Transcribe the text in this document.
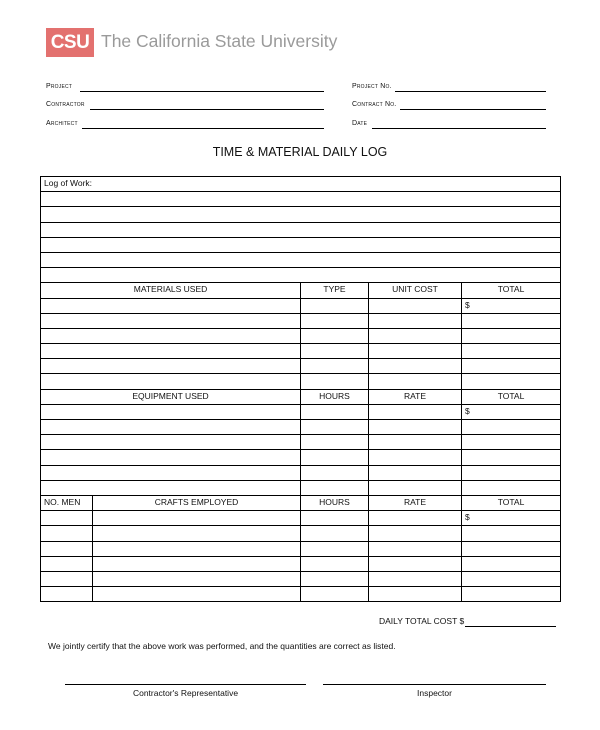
CSU The California State University
Project
Contractor
Architect
Project No.
Contract No.
Date
TIME & MATERIAL DAILY LOG
Log of Work:				

MATERIALS USED		TYPE	UNIT COST	TOTAL
				$

EQUIPMENT USED		HOURS	RATE	TOTAL
				$

NO. MEN	CRAFTS EMPLOYED	HOURS	RATE	TOTAL
				$

DAILY TOTAL COST $
We jointly certify that the above work was performed, and the quantities are correct as listed.
Contractor's Representative	Inspector
